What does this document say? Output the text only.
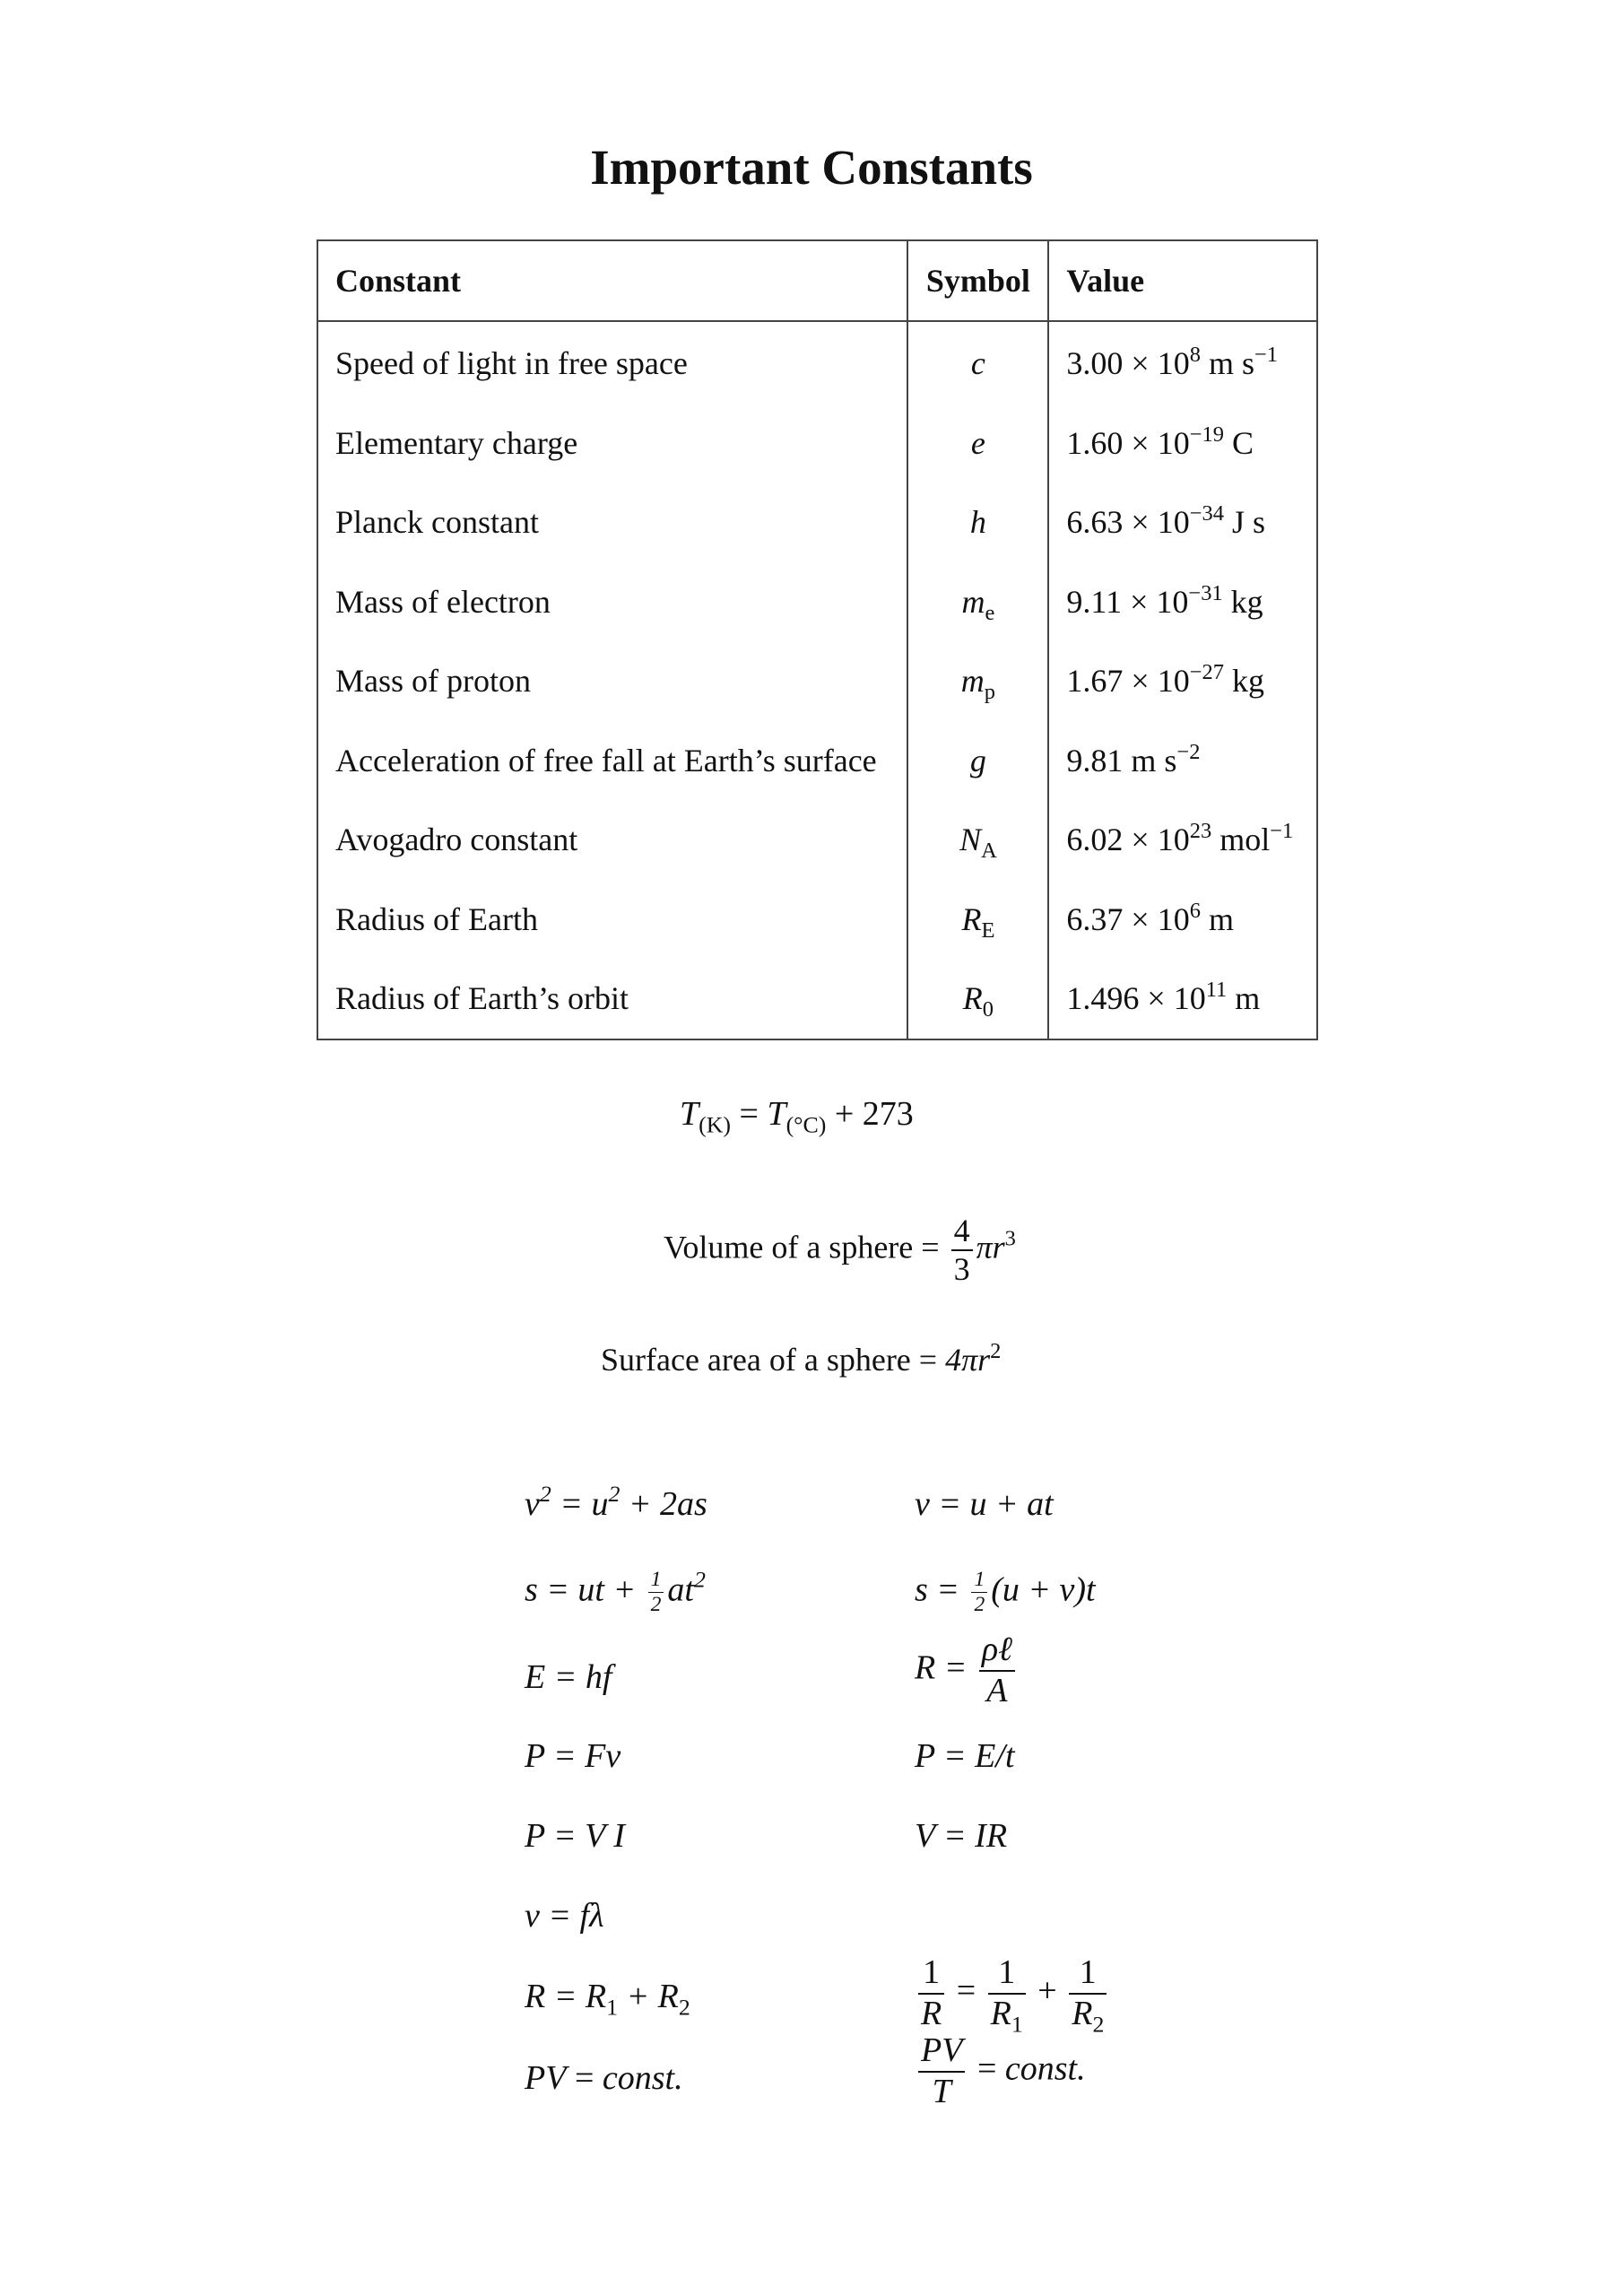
Important Constants
Constant	Symbol	Value
Speed of light in free space	c	$3.00 \times 10^8$ m $s^{-1}$
Elementary charge	e	$1.60 \times 10^{-19}$ C
Planck constant	h	$6.63 \times 10^{-34}$ J s
Mass of electron	$m_e$	$9.11 \times 10^{-31}$ kg
Mass of proton	$m_p$	$1.67 \times 10^{-27}$ kg
Acceleration of free fall at Earth’s surface	g	9.81 m $s^{-2}$
Avogadro constant	$N_A$	$6.02 \times 10^{23}$ mol$^{-1}$
Radius of Earth	$R_E$	$6.37 \times 10^6$ m
Radius of Earth’s orbit	$R_0$	$1.496 \times 10^{11}$ m
$T_{(K)} = T_{(^\circ C)} + 273$
Volume of a sphere = $\frac{4}{3} \pi r^3$
Surface area of a sphere = $4\pi r^2$
$v^2 = u^2 + 2as$
s = ut + $\frac{1}{2} at^2$
E = hf
P = Fv
P = V I
v = fλ
$R = R_1 + R_2$
PV = const.
v = u + at
$s = \frac{1}{2} (u + v)t$
$R = \frac{\text{ρℓ}}{A}$
P = E/t
V = IR
$\frac{1}{R} = \frac{1}{R_1} + \frac{1}{R_2}$
$\frac{PV}{T}$ = const.
